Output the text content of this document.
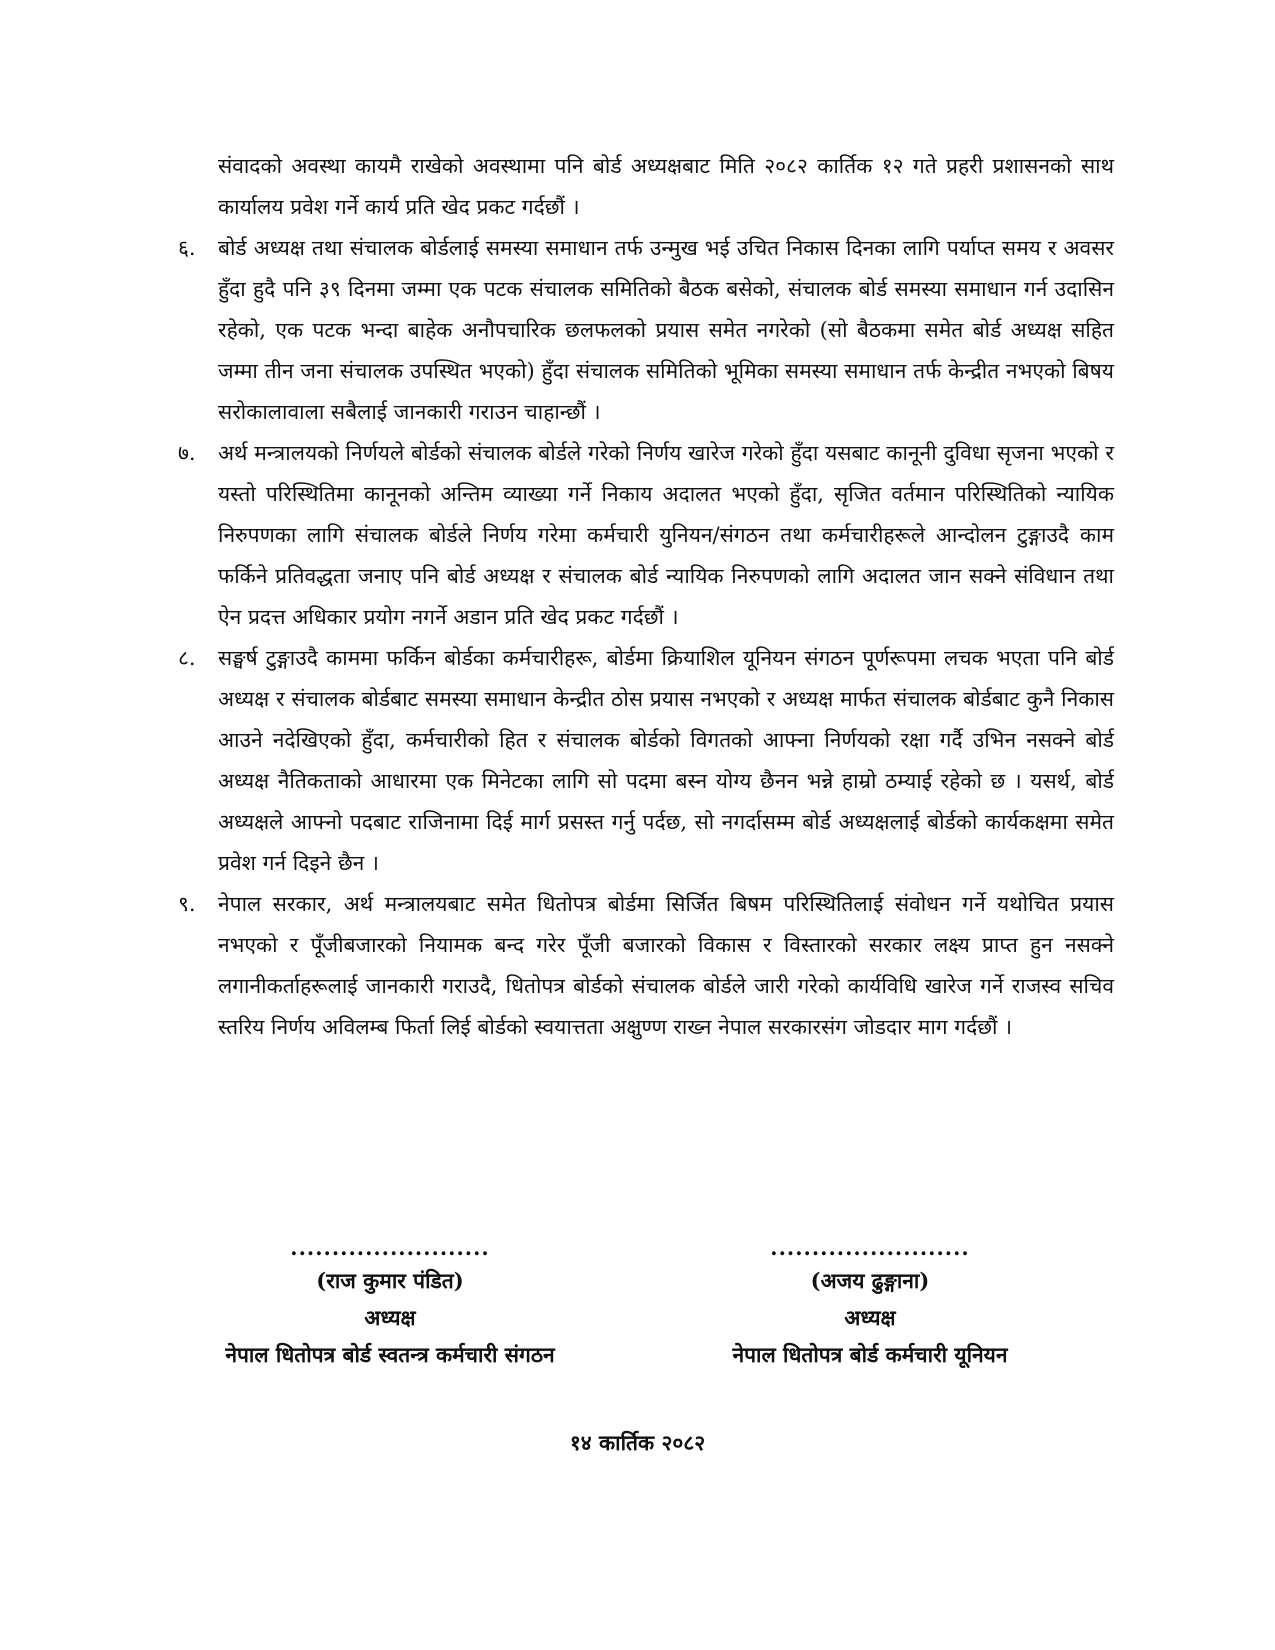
संवादको अवस्था कायमै राखेको अवस्थामा पनि बोर्ड अध्यक्षबाट मिति २०८२ कार्तिक १२ गते प्रहरी प्रशासनको साथ कार्यालय प्रवेश गर्ने कार्य प्रति खेद प्रकट गर्दछौं ।

६.	बोर्ड अध्यक्ष तथा संचालक बोर्डलाई समस्या समाधान तर्फ उन्मुख भई उचित निकास दिनका लागि पर्याप्त समय र अवसर हुँदा हुदै पनि ३९ दिनमा जम्मा एक पटक संचालक समितिको बैठक बसेको, संचालक बोर्ड समस्या समाधान गर्न उदासिन रहेको, एक पटक भन्दा बाहेक अनौपचारिक छलफलको प्रयास समेत नगरेको (सो बैठकमा समेत बोर्ड अध्यक्ष सहित जम्मा तीन जना संचालक उपस्थित भएको) हुँदा संचालक समितिको भूमिका समस्या समाधान तर्फ केन्द्रीत नभएको बिषय सरोकालावाला सबैलाई जानकारी गराउन चाहान्छौं ।

७.	अर्थ मन्त्रालयको निर्णयले बोर्डको संचालक बोर्डले गरेको निर्णय खारेज गरेको हुँदा यसबाट कानूनी दुविधा सृजना भएको र यस्तो परिस्थितिमा कानूनको अन्तिम व्याख्या गर्ने निकाय अदालत भएको हुँदा, सृजित वर्तमान परिस्थितिको न्यायिक निरुपणका लागि संचालक बोर्डले निर्णय गरेमा कर्मचारी युनियन/संगठन तथा कर्मचारीहरूले आन्दोलन टुङ्गाउदै काम फर्किने प्रतिवद्धता जनाए पनि बोर्ड अध्यक्ष र संचालक बोर्ड न्यायिक निरुपणको लागि अदालत जान सक्ने संविधान तथा ऐन प्रदत्त अधिकार प्रयोग नगर्ने अडान प्रति खेद प्रकट गर्दछौं ।

८.	सङ्घर्ष टुङ्गाउदै काममा फर्किन बोर्डका कर्मचारीहरू, बोर्डमा क्रियाशिल यूनियन संगठन पूर्णरूपमा लचक भएता पनि बोर्ड अध्यक्ष र संचालक बोर्डबाट समस्या समाधान केन्द्रीत ठोस प्रयास नभएको र अध्यक्ष मार्फत संचालक बोर्डबाट कुनै निकास आउने नदेखिएको हुँदा, कर्मचारीको हित र संचालक बोर्डको विगतको आफ्ना निर्णयको रक्षा गर्दै उभिन नसक्ने बोर्ड अध्यक्ष नैतिकताको आधारमा एक मिनेटका लागि सो पदमा बस्न योग्य छैनन भन्ने हाम्रो ठम्याई रहेको छ । यसर्थ, बोर्ड अध्यक्षले आफ्नो पदबाट राजिनामा दिई मार्ग प्रसस्त गर्नु पर्दछ, सो नगर्दासम्म बोर्ड अध्यक्षलाई बोर्डको कार्यकक्षमा समेत प्रवेश गर्न दिइने छैन ।

९.	नेपाल सरकार, अर्थ मन्त्रालयबाट समेत धितोपत्र बोर्डमा सिर्जित बिषम परिस्थितिलाई संवोधन गर्ने यथोचित प्रयास नभएको र पूँजीबजारको नियामक बन्द गरेर पूँजी बजारको विकास र विस्तारको सरकार लक्ष्य प्राप्त हुन नसक्ने लगानीकर्ताहरूलाई जानकारी गराउदै, धितोपत्र बोर्डको संचालक बोर्डले जारी गरेको कार्यविधि खारेज गर्ने राजस्व सचिव स्तरिय निर्णय अविलम्ब फिर्ता लिई बोर्डको स्वयात्तता अक्षुण्ण राख्न नेपाल सरकारसंग जोडदार माग गर्दछौं ।

........................
(राज कुमार पंडित)
अध्यक्ष
नेपाल धितोपत्र बोर्ड स्वतन्त्र कर्मचारी संगठन
........................
(अजय ढुङ्गाना)
अध्यक्ष
नेपाल धितोपत्र बोर्ड कर्मचारी यूनियन
१४ कार्तिक २०८२
